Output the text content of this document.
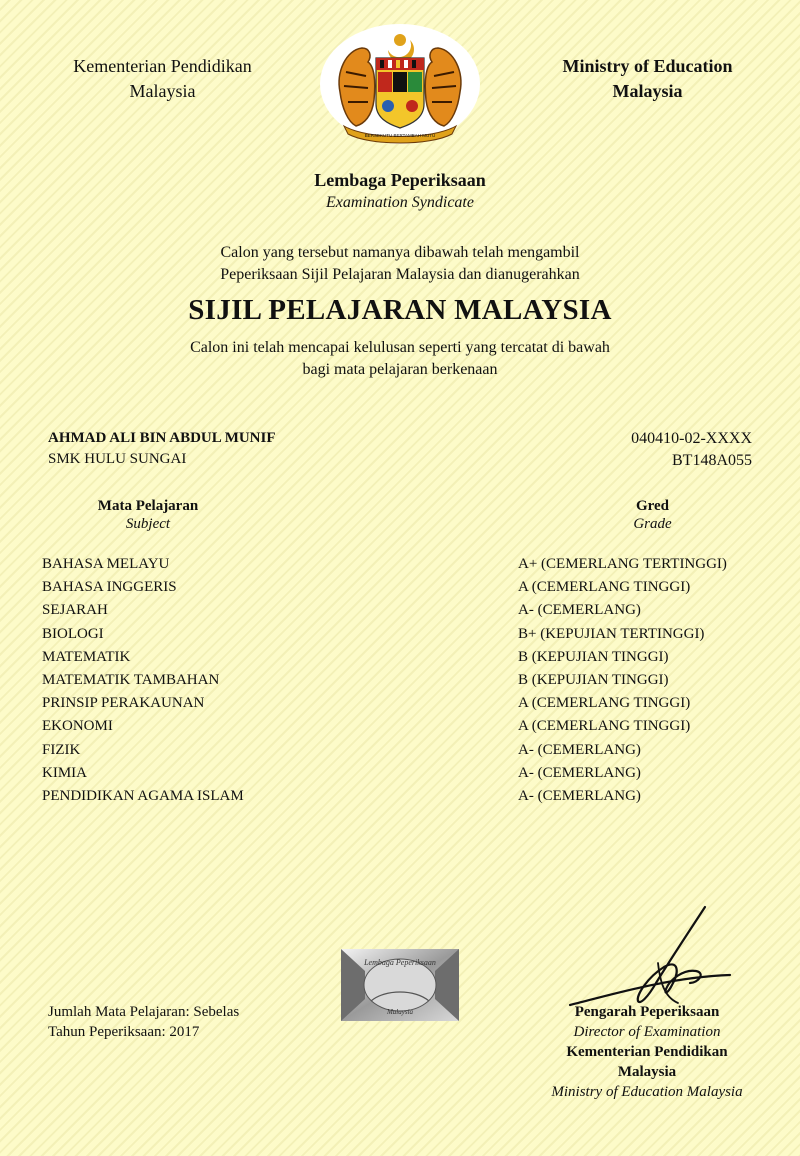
Kementerian Pendidikan
Malaysia
BERSEKUTU BERTAMBAH MUTU
Ministry of Education
Malaysia
Lembaga Peperiksaan
Examination Syndicate
Calon yang tersebut namanya dibawah telah mengambil
Peperiksaan Sijil Pelajaran Malaysia dan dianugerahkan
SIJIL PELAJARAN MALAYSIA
Calon ini telah mencapai kelulusan seperti yang tercatat di bawah
bagi mata pelajaran berkenaan
AHMAD ALI BIN ABDUL MUNIF
SMK HULU SUNGAI
040410-02-XXXX
BT148A055
Mata Pelajaran
Subject
Gred
Grade
BAHASA MELAYU	A+ (CEMERLANG TERTINGGI)
BAHASA INGGERIS	A (CEMERLANG TINGGI)
SEJARAH	A- (CEMERLANG)
BIOLOGI	B+ (KEPUJIAN TERTINGGI)
MATEMATIK	B (KEPUJIAN TINGGI)
MATEMATIK TAMBAHAN	B (KEPUJIAN TINGGI)
PRINSIP PERAKAUNAN	A (CEMERLANG TINGGI)
EKONOMI	A (CEMERLANG TINGGI)
FIZIK	A- (CEMERLANG)
KIMIA	A- (CEMERLANG)
PENDIDIKAN AGAMA ISLAM	A- (CEMERLANG)
Lembaga Peperiksaan
Malaysia
Jumlah Mata Pelajaran: Sebelas
Tahun Peperiksaan: 2017
Pengarah Peperiksaan
Director of Examination
Kementerian Pendidikan
Malaysia
Ministry of Education Malaysia
